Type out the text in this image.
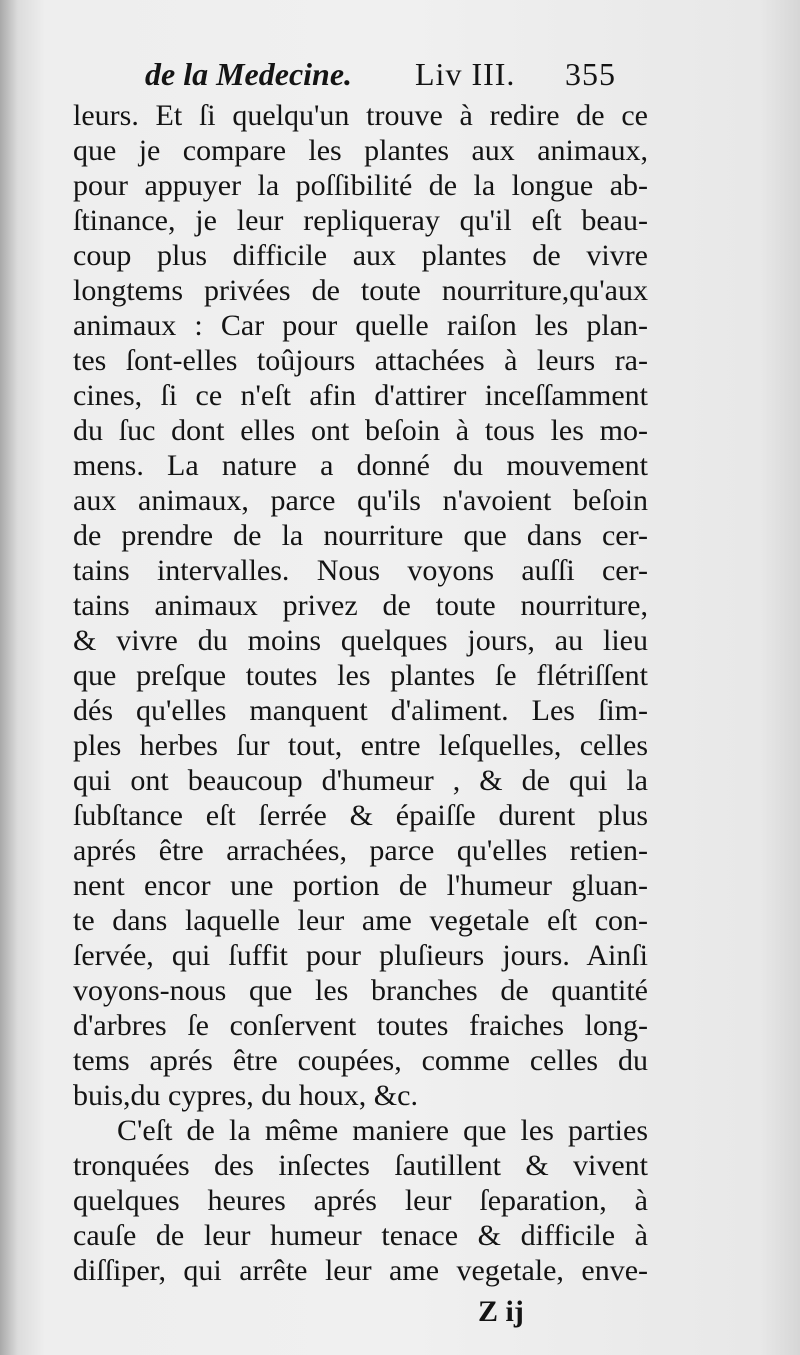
de la Medecine. Liv III. 355
leurs. Et ſi quelqu'un trouve à redire de ce
que je compare les plantes aux animaux,
pour appuyer la poſſibilité de la longue ab-
ſtinance, je leur repliqueray qu'il eſt beau-
coup plus difficile aux plantes de vivre
longtems privées de toute nourriture,qu'aux
animaux : Car pour quelle raiſon les plan-
tes ſont-elles toûjours attachées à leurs ra-
cines, ſi ce n'eſt afin d'attirer inceſſamment
du ſuc dont elles ont beſoin à tous les mo-
mens. La nature a donné du mouvement
aux animaux, parce qu'ils n'avoient beſoin
de prendre de la nourriture que dans cer-
tains intervalles. Nous voyons auſſi cer-
tains animaux privez de toute nourriture,
& vivre du moins quelques jours, au lieu
que preſque toutes les plantes ſe flétriſſent
dés qu'elles manquent d'aliment. Les ſim-
ples herbes ſur tout, entre leſquelles, celles
qui ont beaucoup d'humeur , & de qui la
ſubſtance eſt ſerrée & épaiſſe durent plus
aprés être arrachées, parce qu'elles retien-
nent encor une portion de l'humeur gluan-
te dans laquelle leur ame vegetale eſt con-
ſervée, qui ſuffit pour pluſieurs jours. Ainſi
voyons-nous que les branches de quantité
d'arbres ſe conſervent toutes fraiches long-
tems aprés être coupées, comme celles du
buis,du cypres, du houx, &c.
C'eſt de la même maniere que les parties
tronquées des inſectes ſautillent & vivent
quelques heures aprés leur ſeparation, à
cauſe de leur humeur tenace & difficile à
diſſiper, qui arrête leur ame vegetale, enve-
Z ij
